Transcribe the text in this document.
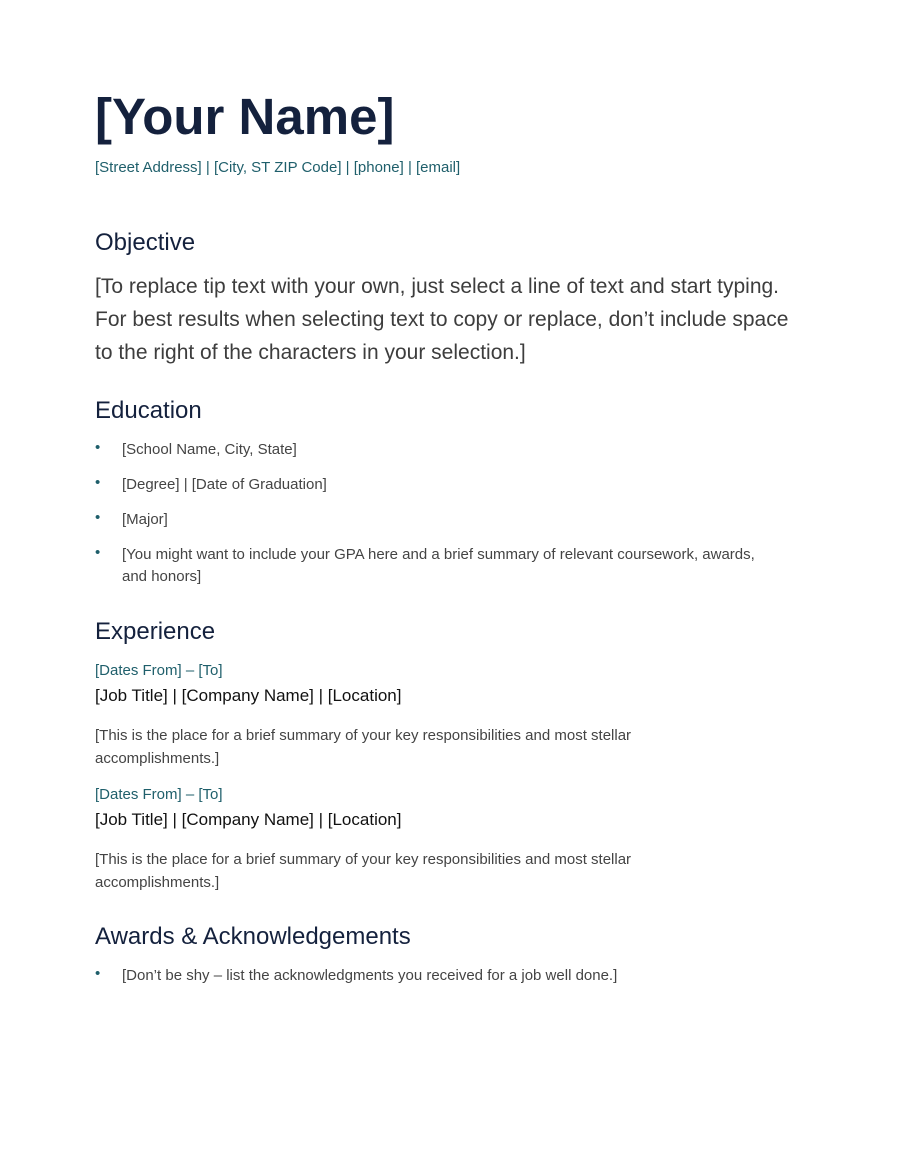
[Your Name]
[Street Address] | [City, ST ZIP Code] | [phone] | [email]
Objective

[To replace tip text with your own, just select a line of text and start typing. For best results when selecting text to copy or replace, don’t include space to the right of the characters in your selection.]

Education
• [School Name, City, State]
• [Degree] | [Date of Graduation]
• [Major]
• [You might want to include your GPA here and a brief summary of relevant coursework, awards, and honors]
Experience
[Dates From] – [To]
[Job Title] | [Company Name] | [Location]

[This is the place for a brief summary of your key responsibilities and most stellar accomplishments.]

[Dates From] – [To]
[Job Title] | [Company Name] | [Location]

[This is the place for a brief summary of your key responsibilities and most stellar accomplishments.]

Awards & Acknowledgements
• [Don’t be shy – list the acknowledgments you received for a job well done.]
